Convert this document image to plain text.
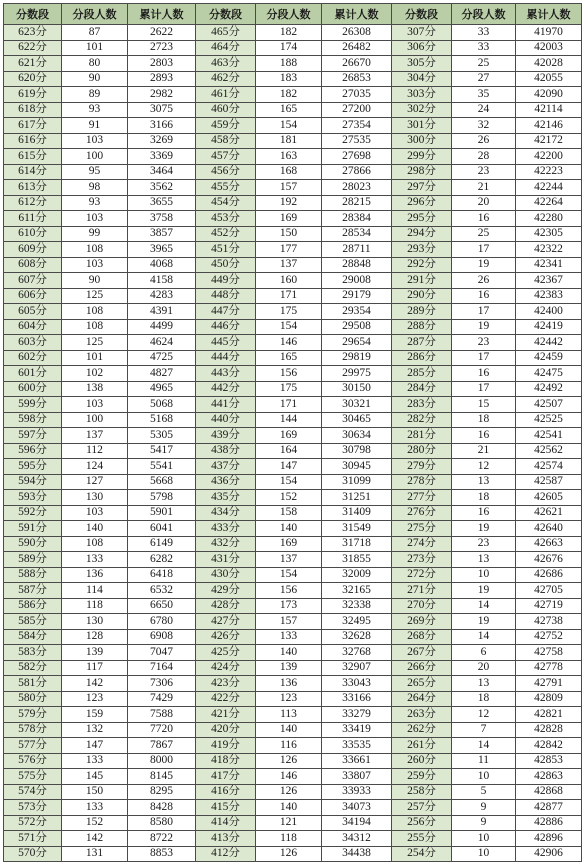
分数段	分段人数	累计人数	分数段	分段人数	累计人数	分数段	分段人数	累计人数
623分	87	2622	465分	182	26308	307分	33	41970
622分	101	2723	464分	174	26482	306分	33	42003
621分	80	2803	463分	188	26670	305分	25	42028
620分	90	2893	462分	183	26853	304分	27	42055
619分	89	2982	461分	182	27035	303分	35	42090
618分	93	3075	460分	165	27200	302分	24	42114
617分	91	3166	459分	154	27354	301分	32	42146
616分	103	3269	458分	181	27535	300分	26	42172
615分	100	3369	457分	163	27698	299分	28	42200
614分	95	3464	456分	168	27866	298分	23	42223
613分	98	3562	455分	157	28023	297分	21	42244
612分	93	3655	454分	192	28215	296分	20	42264
611分	103	3758	453分	169	28384	295分	16	42280
610分	99	3857	452分	150	28534	294分	25	42305
609分	108	3965	451分	177	28711	293分	17	42322
608分	103	4068	450分	137	28848	292分	19	42341
607分	90	4158	449分	160	29008	291分	26	42367
606分	125	4283	448分	171	29179	290分	16	42383
605分	108	4391	447分	175	29354	289分	17	42400
604分	108	4499	446分	154	29508	288分	19	42419
603分	125	4624	445分	146	29654	287分	23	42442
602分	101	4725	444分	165	29819	286分	17	42459
601分	102	4827	443分	156	29975	285分	16	42475
600分	138	4965	442分	175	30150	284分	17	42492
599分	103	5068	441分	171	30321	283分	15	42507
598分	100	5168	440分	144	30465	282分	18	42525
597分	137	5305	439分	169	30634	281分	16	42541
596分	112	5417	438分	164	30798	280分	21	42562
595分	124	5541	437分	147	30945	279分	12	42574
594分	127	5668	436分	154	31099	278分	13	42587
593分	130	5798	435分	152	31251	277分	18	42605
592分	103	5901	434分	158	31409	276分	16	42621
591分	140	6041	433分	140	31549	275分	19	42640
590分	108	6149	432分	169	31718	274分	23	42663
589分	133	6282	431分	137	31855	273分	13	42676
588分	136	6418	430分	154	32009	272分	10	42686
587分	114	6532	429分	156	32165	271分	19	42705
586分	118	6650	428分	173	32338	270分	14	42719
585分	130	6780	427分	157	32495	269分	19	42738
584分	128	6908	426分	133	32628	268分	14	42752
583分	139	7047	425分	140	32768	267分	6	42758
582分	117	7164	424分	139	32907	266分	20	42778
581分	142	7306	423分	136	33043	265分	13	42791
580分	123	7429	422分	123	33166	264分	18	42809
579分	159	7588	421分	113	33279	263分	12	42821
578分	132	7720	420分	140	33419	262分	7	42828
577分	147	7867	419分	116	33535	261分	14	42842
576分	133	8000	418分	126	33661	260分	11	42853
575分	145	8145	417分	146	33807	259分	10	42863
574分	150	8295	416分	126	33933	258分	5	42868
573分	133	8428	415分	140	34073	257分	9	42877
572分	152	8580	414分	121	34194	256分	9	42886
571分	142	8722	413分	118	34312	255分	10	42896
570分	131	8853	412分	126	34438	254分	10	42906
